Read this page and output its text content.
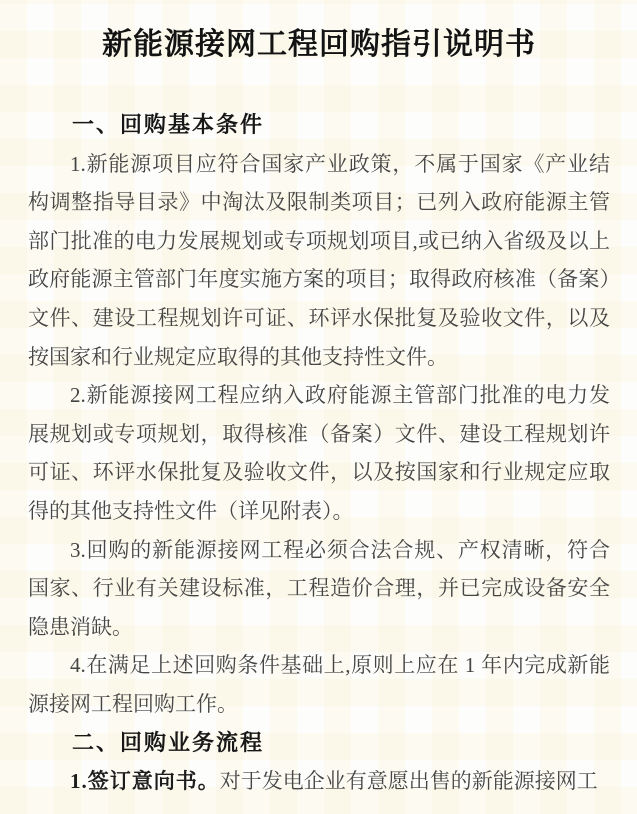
新能源接网工程回购指引说明书
一、回购基本条件

1.新能源项目应符合国家产业政策，不属于国家《产业结构调整指导目录》中淘汰及限制类项目；已列入政府能源主管部门批准的电力发展规划或专项规划项目,或已纳入省级及以上政府能源主管部门年度实施方案的项目；取得政府核准（备案）文件、建设工程规划许可证、环评水保批复及验收文件，以及按国家和行业规定应取得的其他支持性文件。

2.新能源接网工程应纳入政府能源主管部门批准的电力发展规划或专项规划，取得核准（备案）文件、建设工程规划许可证、环评水保批复及验收文件，以及按国家和行业规定应取得的其他支持性文件（详见附表）。

3.回购的新能源接网工程必须合法合规、产权清晰，符合国家、行业有关建设标准，工程造价合理，并已完成设备安全隐患消缺。

4.在满足上述回购条件基础上,原则上应在 1 年内完成新能源接网工程回购工作。

二、回购业务流程

1.签订意向书。对于发电企业有意愿出售的新能源接网工
